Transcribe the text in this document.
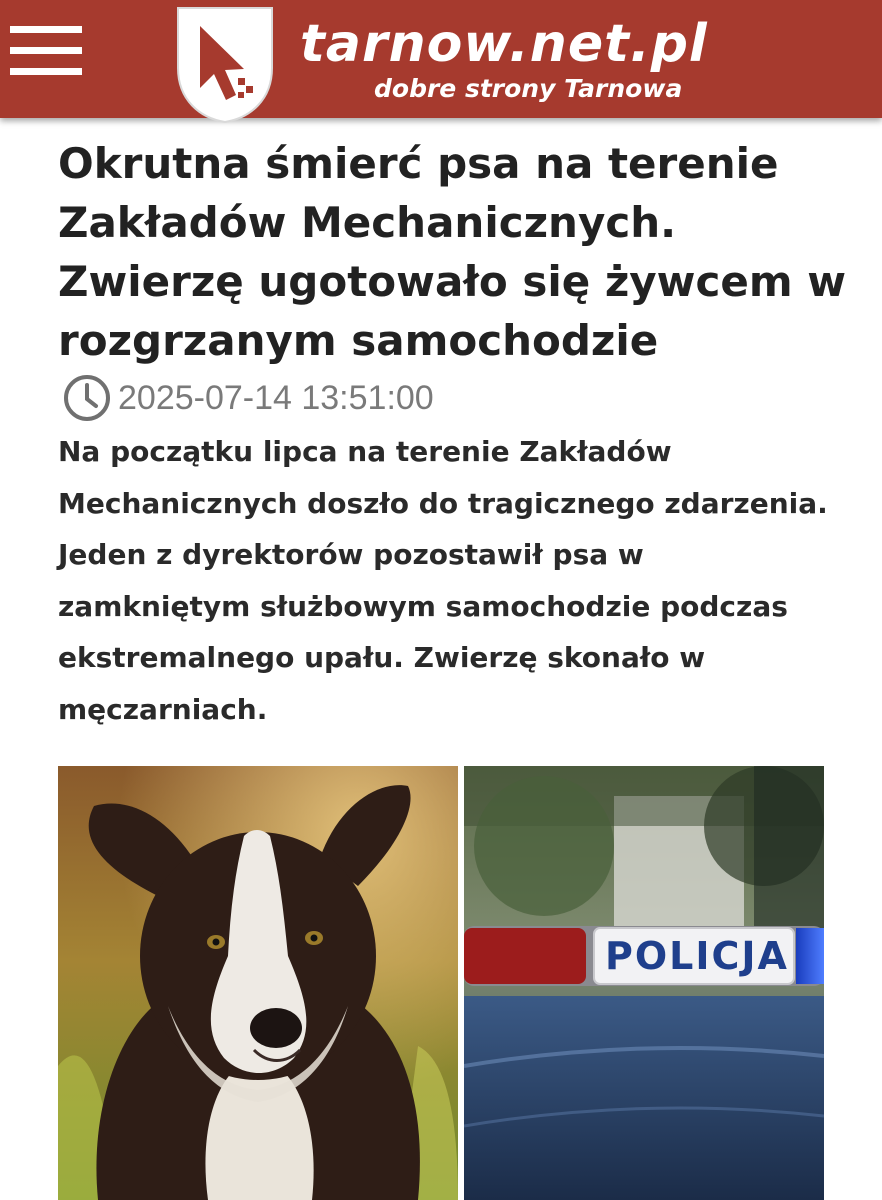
tarnow.net.pl
dobre strony Tarnowa
Okrutna śmierć psa na terenie
Zakładów Mechanicznych.
Zwierzę ugotowało się żywcem w
rozgrzanym samochodzie
2025-07-14 13:51:00
Na początku lipca na terenie Zakładów
Mechanicznych doszło do tragicznego zdarzenia.
Jeden z dyrektorów pozostawił psa w
zamkniętym służbowym samochodzie podczas
ekstremalnego upału. Zwierzę skonało w
męczarniach.
POLICJA
